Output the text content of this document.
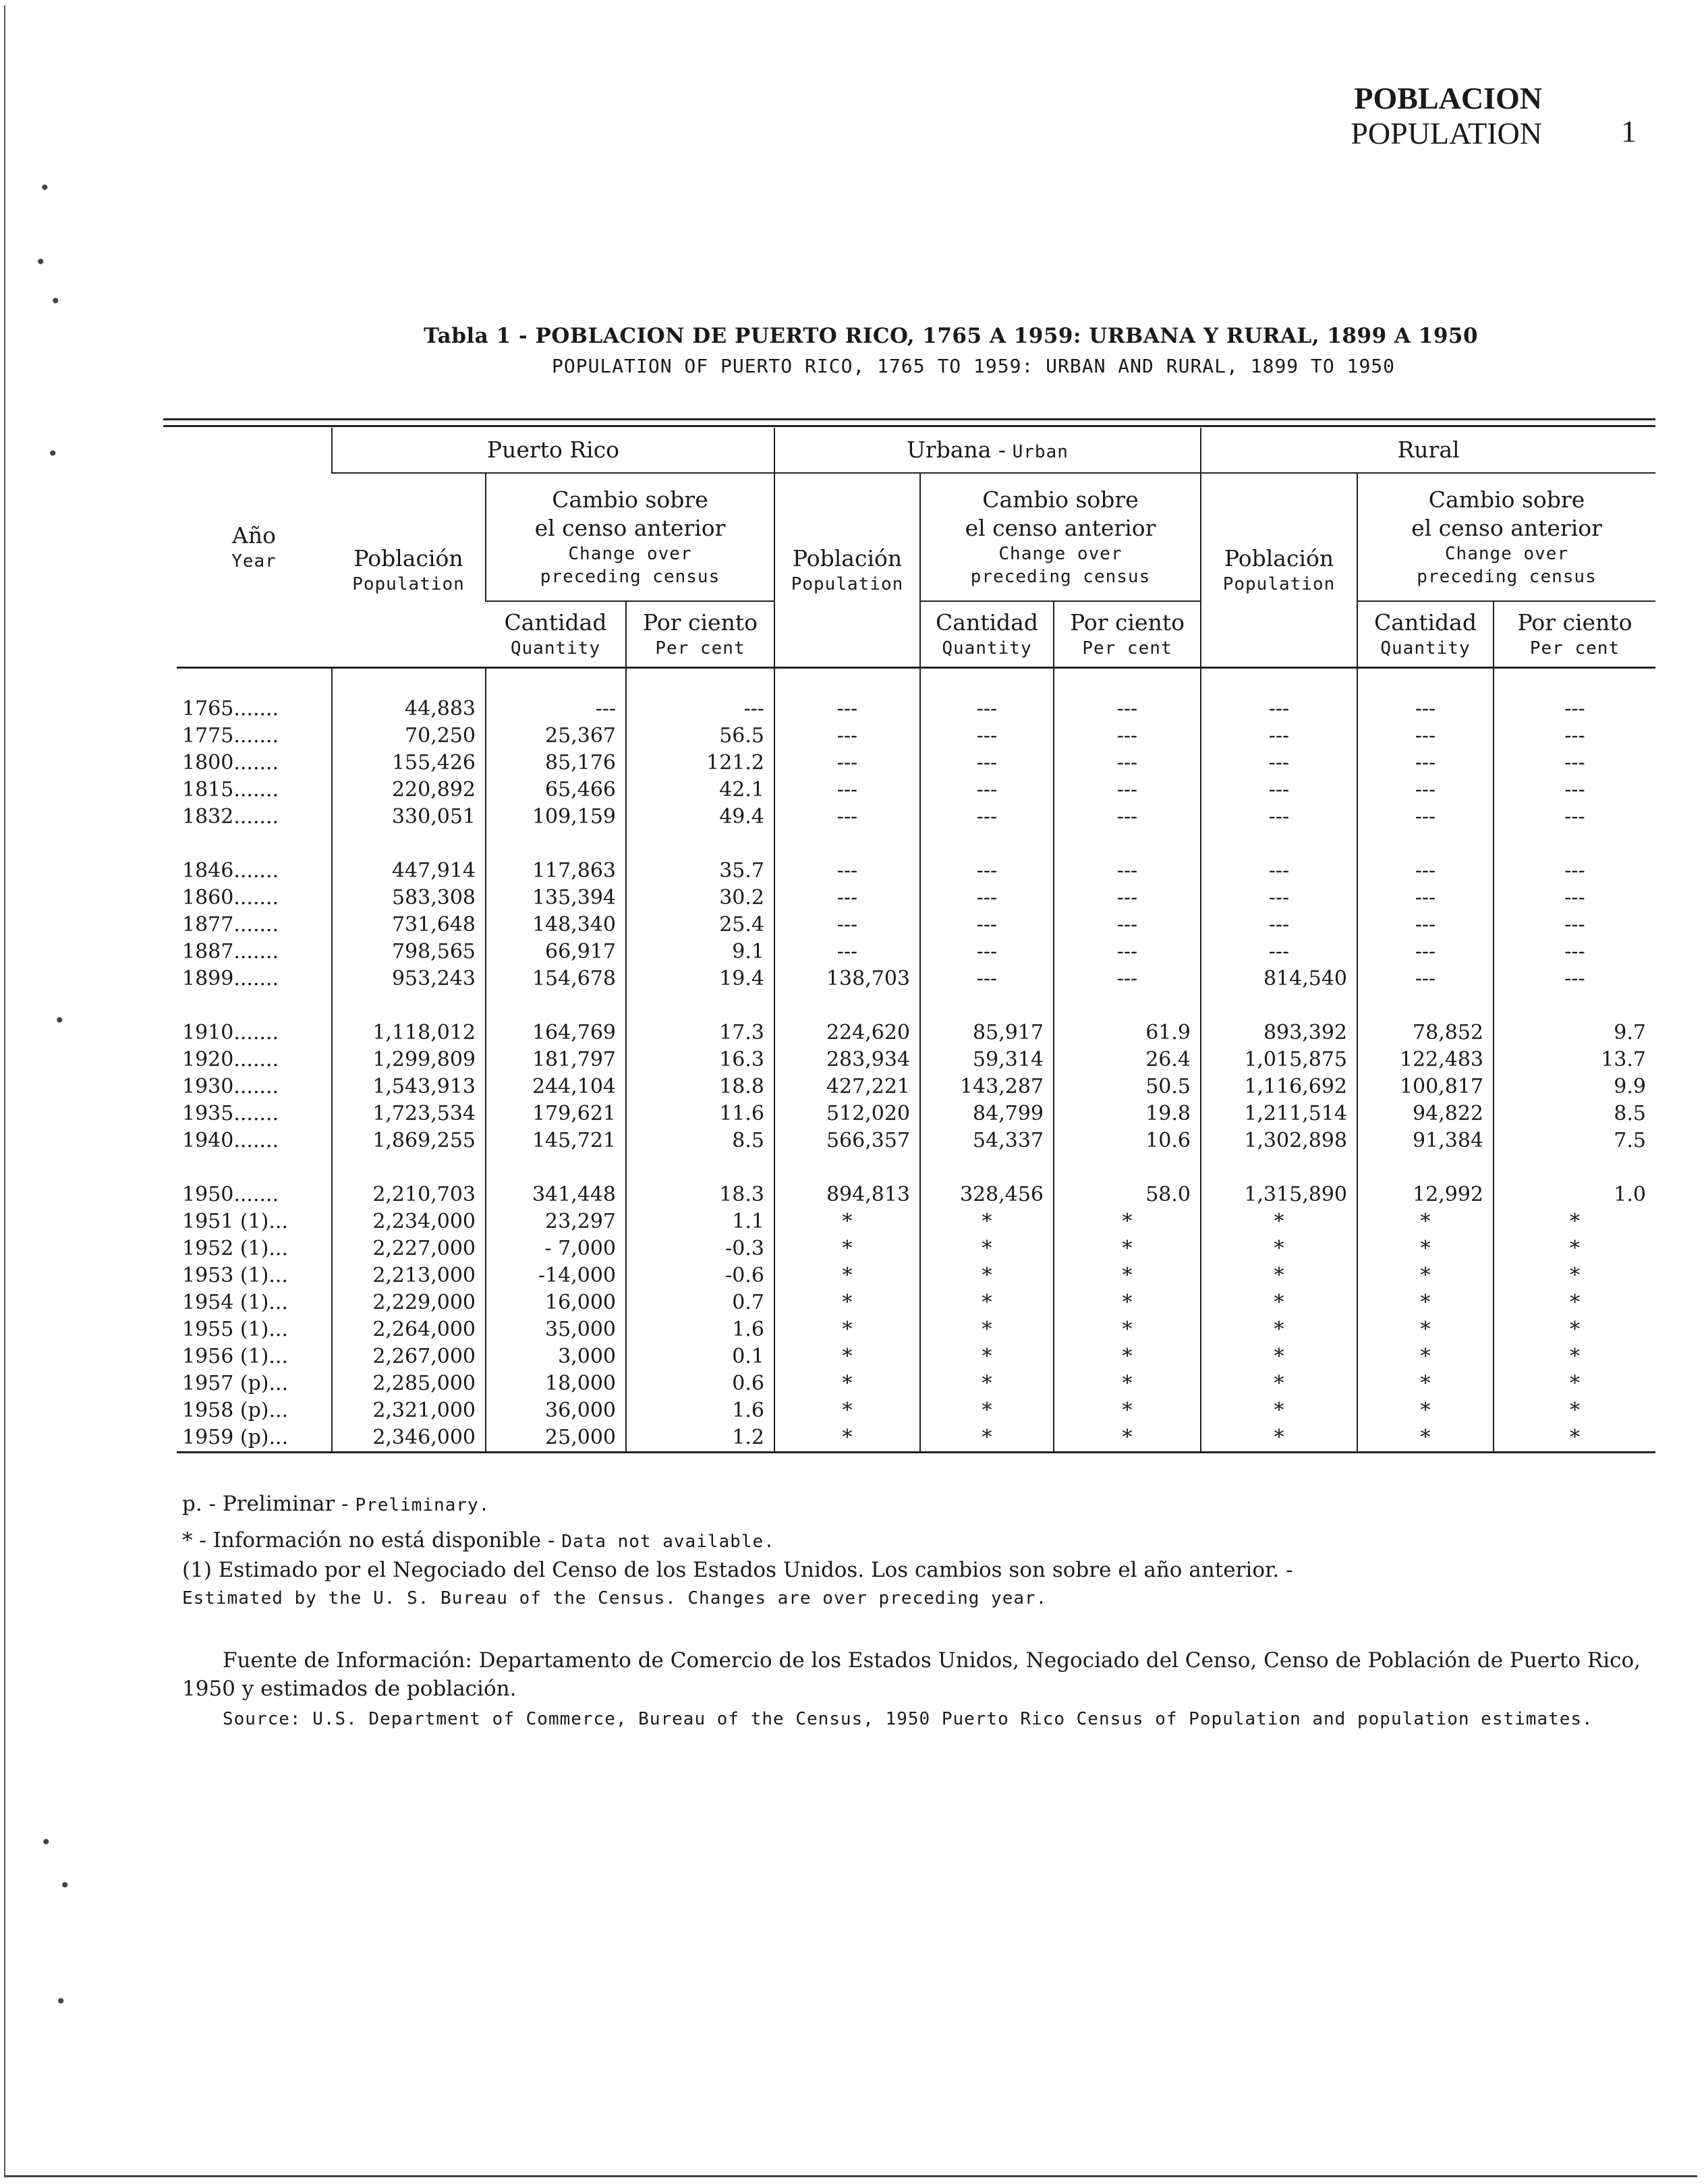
POBLACION
POPULATION	1
Tabla 1 - POBLACION DE PUERTO RICO, 1765 A 1959: URBANA Y RURAL, 1899 A 1950
POPULATION OF PUERTO RICO, 1765 TO 1959: URBAN AND RURAL, 1899 TO 1950
Año
Year	Puerto Rico			Urbana - Urban			Rural		

	Población
Population	Cambio sobre
el censo anterior
Change over
preceding census		Población
Population	Cambio sobre
el censo anterior
Change over
preceding census		Población
Population	Cambio sobre
el censo anterior
Change over
preceding census	

		Cantidad
Quantity	Por ciento
Per cent		Cantidad
Quantity	Por ciento
Per cent		Cantidad
Quantity	Por ciento
Per cent

1765.......	44,883	---	---	---	---	---	---	---	---
1775.......	70,250	25,367	56.5	---	---	---	---	---	---
1800.......	155,426	85,176	121.2	---	---	---	---	---	---
1815.......	220,892	65,466	42.1	---	---	---	---	---	---
1832.......	330,051	109,159	49.4	---	---	---	---	---	---

1846.......	447,914	117,863	35.7	---	---	---	---	---	---
1860.......	583,308	135,394	30.2	---	---	---	---	---	---
1877.......	731,648	148,340	25.4	---	---	---	---	---	---
1887.......	798,565	66,917	9.1	---	---	---	---	---	---
1899.......	953,243	154,678	19.4	138,703	---	---	814,540	---	---

1910.......	1,118,012	164,769	17.3	224,620	85,917	61.9	893,392	78,852	9.7
1920.......	1,299,809	181,797	16.3	283,934	59,314	26.4	1,015,875	122,483	13.7
1930.......	1,543,913	244,104	18.8	427,221	143,287	50.5	1,116,692	100,817	9.9
1935.......	1,723,534	179,621	11.6	512,020	84,799	19.8	1,211,514	94,822	8.5
1940.......	1,869,255	145,721	8.5	566,357	54,337	10.6	1,302,898	91,384	7.5

1950.......	2,210,703	341,448	18.3	894,813	328,456	58.0	1,315,890	12,992	1.0
1951 (1)...	2,234,000	23,297	1.1	*	*	*	*	*	*
1952 (1)...	2,227,000	- 7,000	-0.3	*	*	*	*	*	*
1953 (1)...	2,213,000	-14,000	-0.6	*	*	*	*	*	*
1954 (1)...	2,229,000	16,000	0.7	*	*	*	*	*	*
1955 (1)...	2,264,000	35,000	1.6	*	*	*	*	*	*
1956 (1)...	2,267,000	3,000	0.1	*	*	*	*	*	*
1957 (p)...	2,285,000	18,000	0.6	*	*	*	*	*	*
1958 (p)...	2,321,000	36,000	1.6	*	*	*	*	*	*
1959 (p)...	2,346,000	25,000	1.2	*	*	*	*	*	*

p. - Preliminar - Preliminary.

* - Información no está disponible - Data not available.

(1) Estimado por el Negociado del Censo de los Estados Unidos. Los cambios son sobre el año anterior. -

Estimated by the U. S. Bureau of the Census. Changes are over preceding year.

Fuente de Información: Departamento de Comercio de los Estados Unidos, Negociado del Censo, Censo de Población de Puerto Rico, 1950 y estimados de población.

Source: U.S. Department of Commerce, Bureau of the Census, 1950 Puerto Rico Census of Population and population estimates.

•
•
•
•
•
•
•
•
